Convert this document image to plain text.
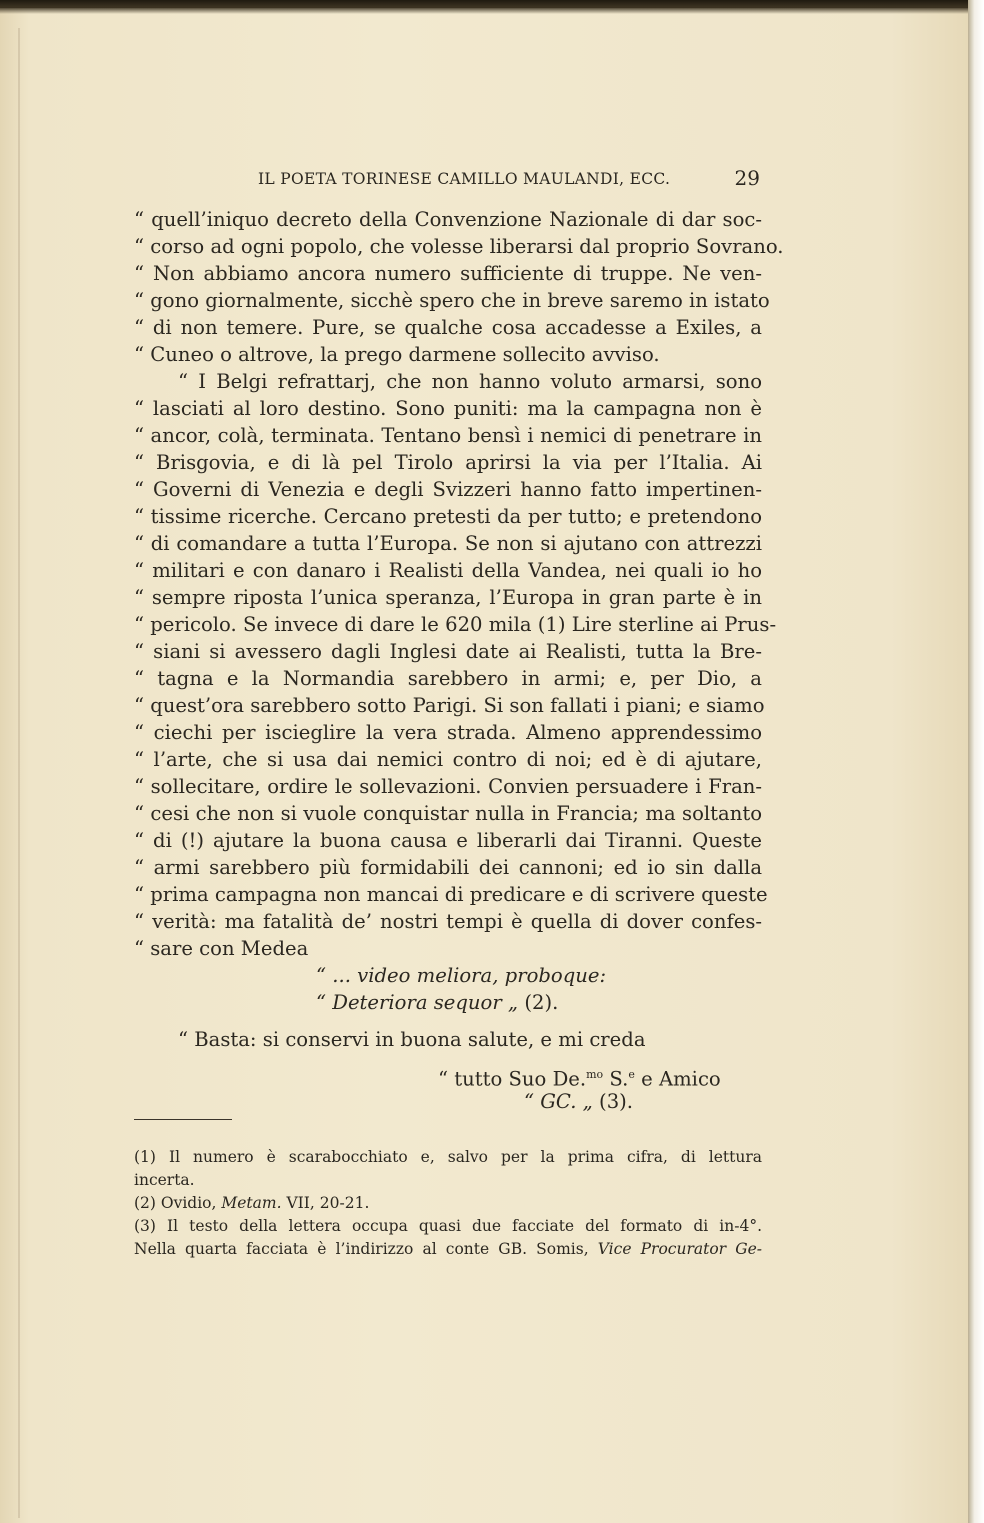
IL POETA TORINESE CAMILLO MAULANDI, ECC.	29
“ quell’iniquo decreto della Convenzione Nazionale di dar soc-
“ corso ad ogni popolo, che volesse liberarsi dal proprio Sovrano.
“ Non abbiamo ancora numero sufficiente di truppe. Ne ven-
“ gono giornalmente, sicchè spero che in breve saremo in istato
“ di non temere. Pure, se qualche cosa accadesse a Exiles, a
“ Cuneo o altrove, la prego darmene sollecito avviso.
“ I Belgi refrattarj, che non hanno voluto armarsi, sono
“ lasciati al loro destino. Sono puniti: ma la campagna non è
“ ancor, colà, terminata. Tentano bensì i nemici di penetrare in
“ Brisgovia, e di là pel Tirolo aprirsi la via per l’Italia. Ai
“ Governi di Venezia e degli Svizzeri hanno fatto impertinen-
“ tissime ricerche. Cercano pretesti da per tutto; e pretendono
“ di comandare a tutta l’Europa. Se non si ajutano con attrezzi
“ militari e con danaro i Realisti della Vandea, nei quali io ho
“ sempre riposta l’unica speranza, l’Europa in gran parte è in
“ pericolo. Se invece di dare le 620 mila (1) Lire sterline ai Prus-
“ siani si avessero dagli Inglesi date ai Realisti, tutta la Bre-
“ tagna e la Normandia sarebbero in armi; e, per Dio, a
“ quest’ora sarebbero sotto Parigi. Si son fallati i piani; e siamo
“ ciechi per iscieglire la vera strada. Almeno apprendessimo
“ l’arte, che si usa dai nemici contro di noi; ed è di ajutare,
“ sollecitare, ordire le sollevazioni. Convien persuadere i Fran-
“ cesi che non si vuole conquistar nulla in Francia; ma soltanto
“ di (!) ajutare la buona causa e liberarli dai Tiranni. Queste
“ armi sarebbero più formidabili dei cannoni; ed io sin dalla
“ prima campagna non mancai di predicare e di scrivere queste
“ verità: ma fatalità de’ nostri tempi è quella di dover confes-
“ sare con Medea
“ ... video meliora, proboque:
“ Deteriora sequor „ (2).
“ Basta: si conservi in buona salute, e mi creda
“ tutto Suo De.$^{mo}$ S.$^e$ e Amico
“ GC. „ (3).
(1) Il numero è scarabocchiato e, salvo per la prima cifra, di lettura
incerta.
(2) Ovidio, Metam. VII, 20-21.
(3) Il testo della lettera occupa quasi due facciate del formato di in-4°.
Nella quarta facciata è l’indirizzo al conte GB. Somis, Vice Procurator Ge-
